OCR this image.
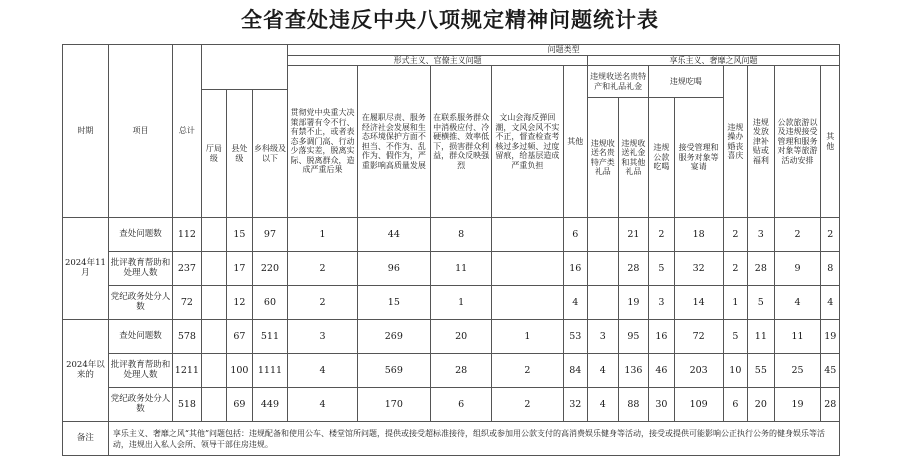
全省查处违反中央八项规定精神问题统计表
时期	项目	总计				问题类型												
						形式主义、官僚主义问题					享乐主义、奢靡之风问题							
						贯彻党中央重大决策部署有令不行、有禁不止，或者表态多调门高、行动少落实差，脱离实际、脱离群众，造成严重后果	在履职尽责、服务经济社会发展和生态环境保护方面不担当、不作为、乱作为、假作为，严重影响高质量发展	在联系服务群众中消极应付、冷硬横推、效率低下，损害群众利益，群众反映强烈	文山会海反弹回潮，文风会风不实不正，督查检查考核过多过频、过度留痕，给基层造成严重负担	其他	违规收送名贵特产和礼品礼金		违规吃喝		违规操办婚丧喜庆	违规发放津补贴或福利	公款旅游以及违规接受管理和服务对象等旅游活动安排	其他
			厅局级	县处级	乡科级及以下													
											违规收送名贵特产类礼品	违规收送礼金和其他礼品	违规公款吃喝	接受管理和服务对象等宴请				
2024年11月	查处问题数	112		15	97	1	44	8		6		21	2	18	2	3	2	2
	批评教育帮助和处理人数	237		17	220	2	96	11		16		28	5	32	2	28	9	8
	党纪政务处分人数	72		12	60	2	15	1		4		19	3	14	1	5	4	4
2024年以来的	查处问题数	578		67	511	3	269	20	1	53	3	95	16	72	5	11	11	19
	批评教育帮助和处理人数	1211		100	1111	4	569	28	2	84	4	136	46	203	10	55	25	45
	党纪政务处分人数	518		69	449	4	170	6	2	32	4	88	30	109	6	20	19	28
备注	享乐主义、奢靡之风“其他”问题包括：违规配备和使用公车、楼堂馆所问题，提供或接受超标准接待，组织或参加用公款支付的高消费娱乐健身等活动，接受或提供可能影响公正执行公务的健身娱乐等活动，违规出入私人会所、领导干部住房违规。																	
